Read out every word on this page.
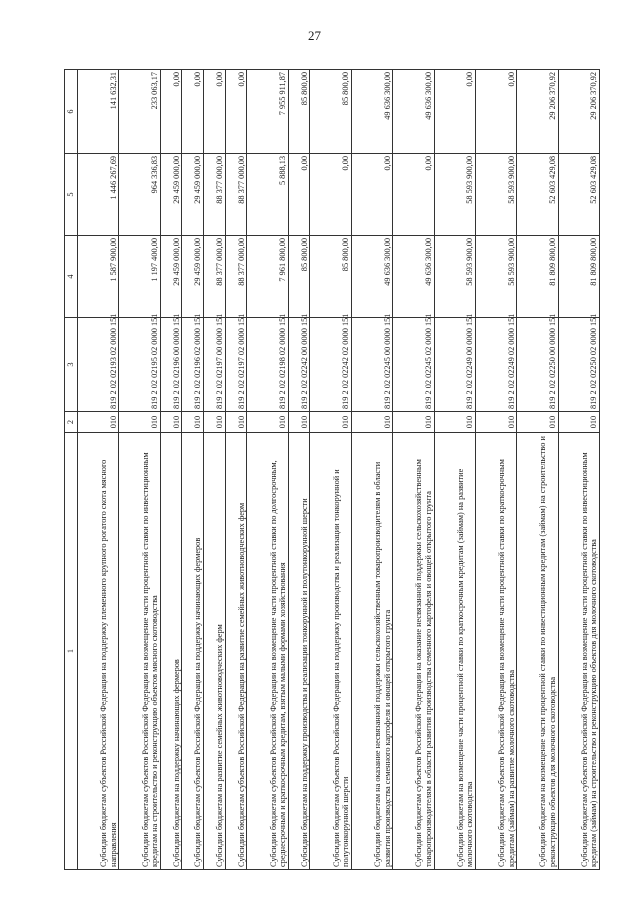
27
1	2	3	4	5	6
Субсидии бюджетам субъектов Российской Федерации на поддержку племенного крупного рогатого скота мясного направления	010	819 2 02 02193 02 0000 151	1 587 900,00	1 446 267,69	141 632,31
Субсидии бюджетам субъектов Российской Федерации на возмещение части процентной ставки по инвестиционным кредитам на строительство и реконструкцию объектов мясного скотоводства	010	819 2 02 02195 02 0000 151	1 197 400,00	964 336,83	233 063,17
Субсидии бюджетам на поддержку начинающих фермеров	010	819 2 02 02196 00 0000 151	29 459 000,00	29 459 000,00	0,00
Субсидии бюджетам субъектов Российской Федерации на поддержку начинающих фермеров	010	819 2 02 02196 02 0000 151	29 459 000,00	29 459 000,00	0,00
Субсидии бюджетам на развитие семейных животноводческих ферм	010	819 2 02 02197 00 0000 151	88 377 000,00	88 377 000,00	0,00
Субсидии бюджетам субъектов Российской Федерации на развитие семейных животноводческих ферм	010	819 2 02 02197 02 0000 151	88 377 000,00	88 377 000,00	0,00
Субсидии бюджетам субъектов Российской Федерации на возмещение части процентной ставки по долгосрочным, среднесрочным и краткосрочным кредитам, взятым малыми формами хозяйствования	010	819 2 02 02198 02 0000 151	7 961 800,00	5 888,13	7 955 911,87
Субсидии бюджетам на поддержку производства и реализации тонкорунной и полутонкорунной шерсти	010	819 2 02 02242 00 0000 151	85 800,00	0,00	85 800,00
Субсидии бюджетам субъектов Российской Федерации на поддержку производства и реализации тонкорунной и полутонкорунной шерсти	010	819 2 02 02242 02 0000 151	85 800,00	0,00	85 800,00
Субсидии бюджетам на оказание несвязанной поддержки сельскохозяйственным товаропроизводителям в области развития производства семенного картофеля и овощей открытого грунта	010	819 2 02 02245 00 0000 151	49 636 300,00	0,00	49 636 300,00
Субсидии бюджетам субъектов Российской Федерации на оказание несвязанной поддержки сельскохозяйственным товаропроизводителям в области развития производства семенного картофеля и овощей открытого грунта	010	819 2 02 02245 02 0000 151	49 636 300,00	0,00	49 636 300,00
Субсидии бюджетам на возмещение части процентной ставки по краткосрочным кредитам (займам) на развитие молочного скотоводства	010	819 2 02 02249 00 0000 151	58 593 900,00	58 593 900,00	0,00
Субсидии бюджетам субъектов Российской Федерации на возмещение части процентной ставки по краткосрочным кредитам (займам) на развитие молочного скотоводства	010	819 2 02 02249 02 0000 151	58 593 900,00	58 593 900,00	0,00
Субсидии бюджетам на возмещение части процентной ставки по инвестиционным кредитам (займам) на строительство и реконструкцию объектов для молочного скотоводства	010	819 2 02 02250 00 0000 151	81 809 800,00	52 603 429,08	29 206 370,92
Субсидии бюджетам субъектов Российской Федерации на возмещение части процентной ставки по инвестиционным кредитам (займам) на строительство и реконструкцию объектов для молочного скотоводства	010	819 2 02 02250 02 0000 151	81 809 800,00	52 603 429,08	29 206 370,92
